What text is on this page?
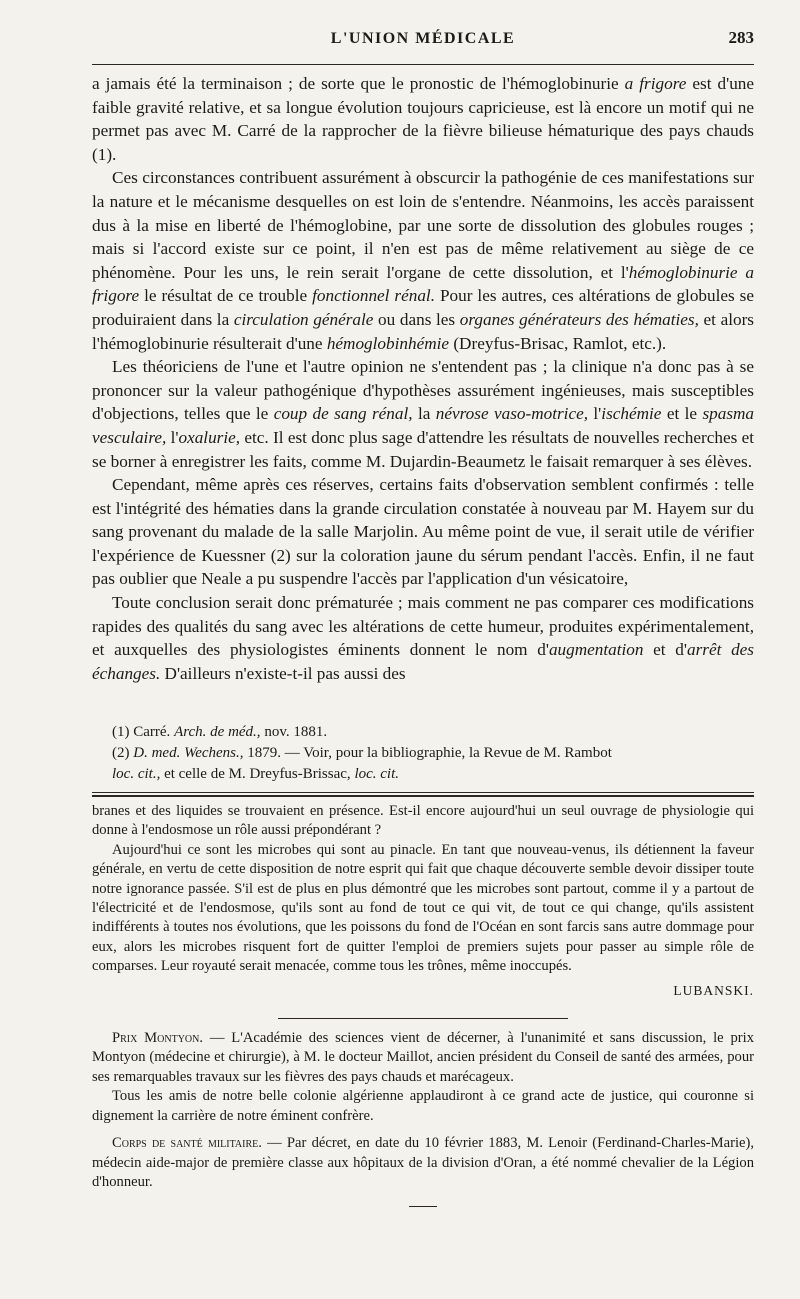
L'UNION MÉDICALE	283

a jamais été la terminaison ; de sorte que le pronostic de l'hémoglobinurie a frigore est d'une faible gravité relative, et sa longue évolution toujours capricieuse, est là encore un motif qui ne permet pas avec M. Carré de la rapprocher de la fièvre bilieuse hématurique des pays chauds (1).

Ces circonstances contribuent assurément à obscurcir la pathogénie de ces manifestations sur la nature et le mécanisme desquelles on est loin de s'entendre. Néanmoins, les accès paraissent dus à la mise en liberté de l'hémoglobine, par une sorte de dissolution des globules rouges ; mais si l'accord existe sur ce point, il n'en est pas de même relativement au siège de ce phénomène. Pour les uns, le rein serait l'organe de cette dissolution, et l'hémoglobinurie a frigore le résultat de ce trouble fonctionnel rénal. Pour les autres, ces altérations de globules se produiraient dans la circulation générale ou dans les organes générateurs des hématies, et alors l'hémoglobinurie résulterait d'une hémoglobinhémie (Dreyfus-Brisac, Ramlot, etc.).

Les théoriciens de l'une et l'autre opinion ne s'entendent pas ; la clinique n'a donc pas à se prononcer sur la valeur pathogénique d'hypothèses assurément ingénieuses, mais susceptibles d'objections, telles que le coup de sang rénal, la névrose vaso-motrice, l'ischémie et le spasma vesculaire, l'oxalurie, etc. Il est donc plus sage d'attendre les résultats de nouvelles recherches et se borner à enregistrer les faits, comme M. Dujardin-Beaumetz le faisait remarquer à ses élèves.

Cependant, même après ces réserves, certains faits d'observation semblent confirmés : telle est l'intégrité des hématies dans la grande circulation constatée à nouveau par M. Hayem sur du sang provenant du malade de la salle Marjolin. Au même point de vue, il serait utile de vérifier l'expérience de Kuessner (2) sur la coloration jaune du sérum pendant l'accès. Enfin, il ne faut pas oublier que Neale a pu suspendre l'accès par l'application d'un vésicatoire,

Toute conclusion serait donc prématurée ; mais comment ne pas comparer ces modifications rapides des qualités du sang avec les altérations de cette humeur, produites expérimentalement, et auxquelles des physiologistes éminents donnent le nom d'augmentation et d'arrêt des échanges. D'ailleurs n'existe-t-il pas aussi des

(1) Carré. Arch. de méd., nov. 1881.

(2) D. med. Wechens., 1879. — Voir, pour la bibliographie, la Revue de M. Rambot
loc. cit., et celle de M. Dreyfus-Brissac, loc. cit.

branes et des liquides se trouvaient en présence. Est-il encore aujourd'hui un seul ouvrage de physiologie qui donne à l'endosmose un rôle aussi prépondérant ?

Aujourd'hui ce sont les microbes qui sont au pinacle. En tant que nouveau-venus, ils détiennent la faveur générale, en vertu de cette disposition de notre esprit qui fait que chaque découverte semble devoir dissiper toute notre ignorance passée. S'il est de plus en plus démontré que les microbes sont partout, comme il y a partout de l'électricité et de l'endosmose, qu'ils sont au fond de tout ce qui vit, de tout ce qui change, qu'ils assistent indifférents à toutes nos évolutions, que les poissons du fond de l'Océan en sont farcis sans autre dommage pour eux, alors les microbes risquent fort de quitter l'emploi de premiers sujets pour passer au simple rôle de comparses. Leur royauté serait menacée, comme tous les trônes, même inoccupés.

LUBANSKI.

Prix Montyon. — L'Académie des sciences vient de décerner, à l'unanimité et sans discussion, le prix Montyon (médecine et chirurgie), à M. le docteur Maillot, ancien président du Conseil de santé des armées, pour ses remarquables travaux sur les fièvres des pays chauds et marécageux.

Tous les amis de notre belle colonie algérienne applaudiront à ce grand acte de justice, qui couronne si dignement la carrière de notre éminent confrère.

Corps de santé militaire. — Par décret, en date du 10 février 1883, M. Lenoir (Ferdinand-Charles-Marie), médecin aide-major de première classe aux hôpitaux de la division d'Oran, a été nommé chevalier de la Légion d'honneur.
